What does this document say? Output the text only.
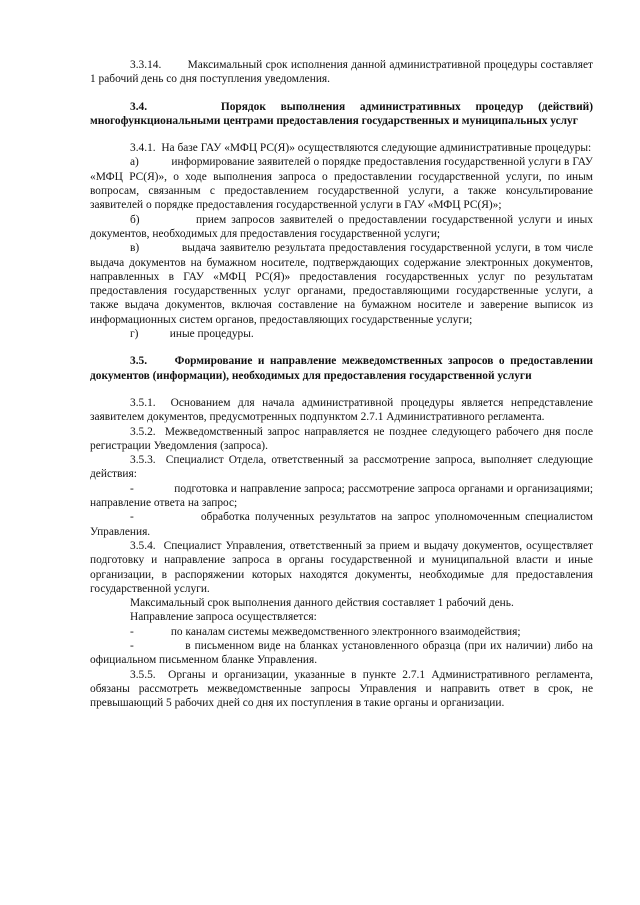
3.3.14.        Максимальный срок исполнения данной административной процедуры составляет 1 рабочий день со дня поступления уведомления.

3.4.     Порядок выполнения административных процедур (действий) многофункциональными центрами предоставления государственных и муниципальных услуг

3.4.1.  На базе ГАУ «МФЦ РС(Я)» осуществляются следующие административные процедуры:

а)           информирование заявителей о порядке предоставления государственной услуги в ГАУ «МФЦ РС(Я)», о ходе выполнения запроса о предоставлении государственной услуги, по иным вопросам, связанным с предоставлением государственной услуги, а также консультирование заявителей о порядке предоставления государственной услуги в ГАУ «МФЦ РС(Я)»;

б)           прием запросов заявителей о предоставлении государственной услуги и иных документов, необходимых для предоставления государственной услуги;

в)           выдача заявителю результата предоставления государственной услуги, в том числе выдача документов на бумажном носителе, подтверждающих содержание электронных документов, направленных в ГАУ «МФЦ РС(Я)» предоставления государственных услуг по результатам предоставления государственных услуг органами, предоставляющими государственные услуги, а также выдача документов, включая составление на бумажном носителе и заверение выписок из информационных систем органов, предоставляющих государственные услуги;

г)           иные процедуры.

3.5.     Формирование и направление межведомственных запросов о предоставлении документов (информации), необходимых для предоставления государственной услуги

3.5.1.  Основанием для начала административной процедуры является непредставление заявителем документов, предусмотренных подпунктом 2.7.1 Административного регламента.

3.5.2.  Межведомственный запрос направляется не позднее следующего рабочего дня после регистрации Уведомления (запроса).

3.5.3.  Специалист Отдела, ответственный за рассмотрение запроса, выполняет следующие действия:

-             подготовка и направление запроса; рассмотрение запроса органами и организациями; направление ответа на запрос;

-             обработка полученных результатов на запрос уполномоченным специалистом Управления.

3.5.4.  Специалист Управления, ответственный за прием и выдачу документов, осуществляет подготовку и направление запроса в органы государственной и муниципальной власти и иные организации, в распоряжении которых находятся документы, необходимые для предоставления государственной услуги.

Максимальный срок выполнения данного действия составляет 1 рабочий день.

Направление запроса осуществляется:

-             по каналам системы межведомственного электронного взаимодействия;

-             в письменном виде на бланках установленного образца (при их наличии) либо на официальном письменном бланке Управления.

3.5.5.  Органы и организации, указанные в пункте 2.7.1 Административного регламента, обязаны рассмотреть межведомственные запросы Управления и направить ответ в срок, не превышающий 5 рабочих дней со дня их поступления в такие органы и организации.
